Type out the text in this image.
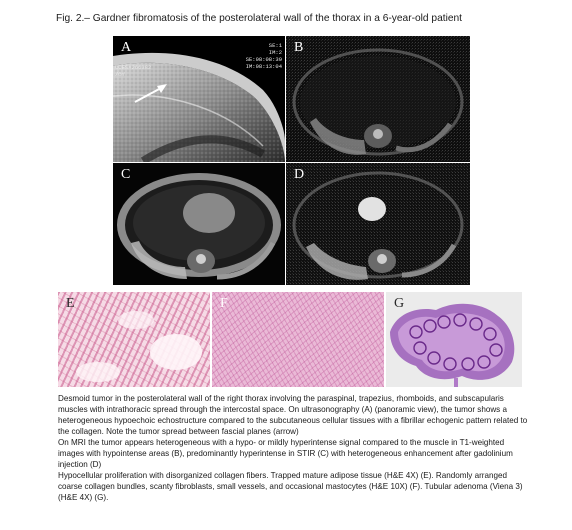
Fig. 2.– Gardner fibromatosis of the posterolateral wall of the thorax in a 6-year-old patient
A	SE:1
IM:2
SE:08:08:39
IM:08:13:04
CCES#266382
/OY
B
C	D
E	F	G

Desmoid tumor in the posterolateral wall of the right thorax involving the paraspinal, trapezius, rhomboids, and subscapularis muscles with intrathoracic spread through the intercostal space. On ultrasonography (A) (panoramic view), the tumor shows a heterogeneous hypoechoic echostructure compared to the subcutaneous cellular tissues with a fibrillar echogenic pattern related to the collagen. Note the tumor spread between fascial planes (arrow)

On MRI the tumor appears heterogeneous with a hypo- or mildly hyperintense signal compared to the muscle in T1-weighted images with hypointense areas (B), predominantly hyperintense in STIR (C) with heterogeneous enhancement after gadolinium injection (D)

Hypocellular proliferation with disorganized collagen fibers. Trapped mature adipose tissue (H&E 4X) (E). Randomly arranged coarse collagen bundles, scanty fibroblasts, small vessels, and occasional mastocytes (H&E 10X) (F). Tubular adenoma (Viena 3) (H&E 4X) (G).
